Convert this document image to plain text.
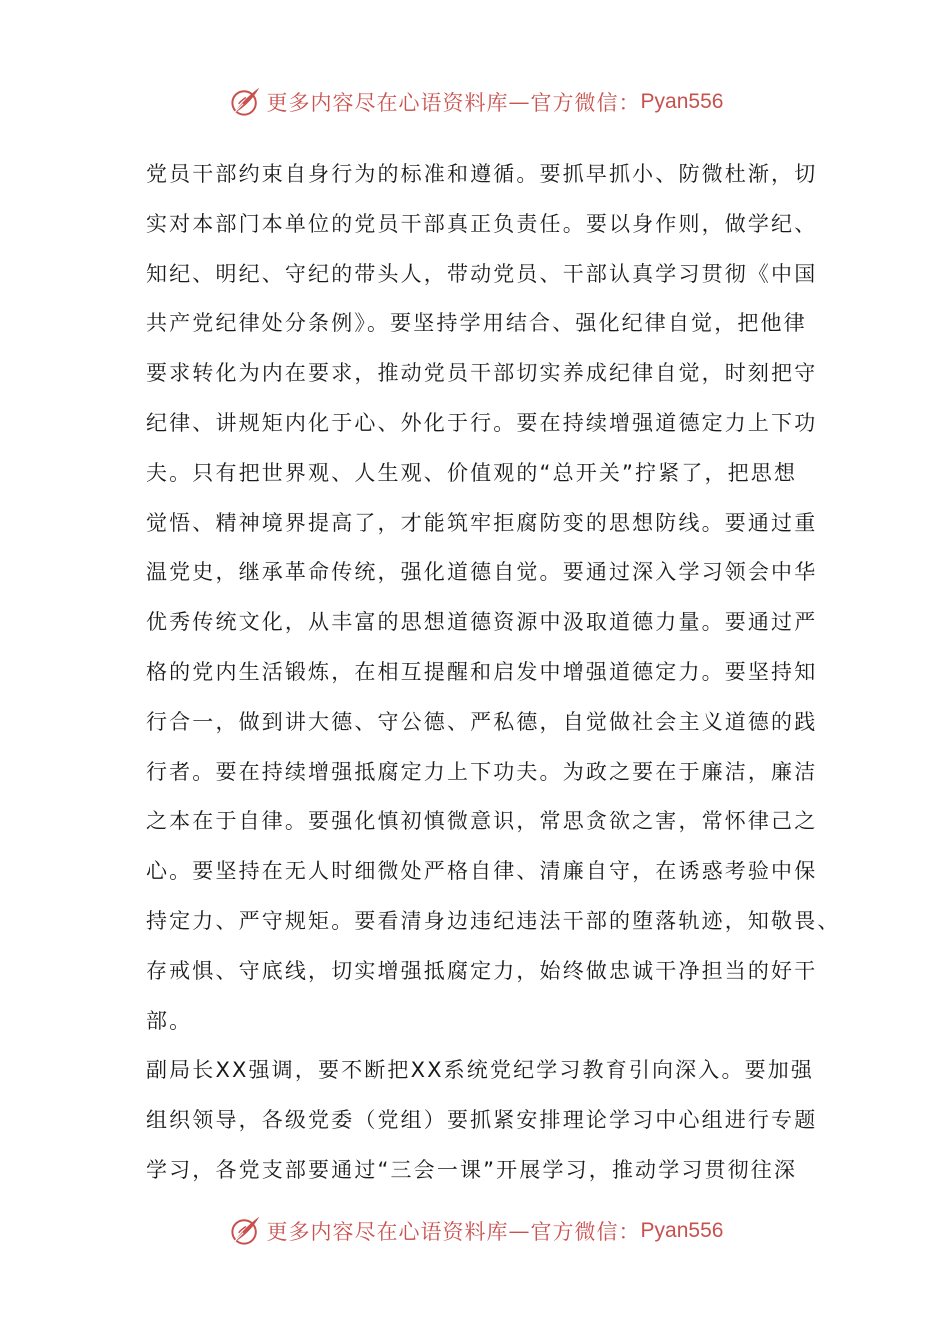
更多内容尽在心语资料库 — 官方微信： Pyan556
党员干部约束自身行为的标准和遵循。要抓早抓小、防微杜渐，切
实对本部门本单位的党员干部真正负责任。要以身作则，做学纪、
知纪、明纪、守纪的带头人，带动党员、干部认真学习贯彻《中国
共产党纪律处分条例》。要坚持学用结合、强化纪律自觉，把他律
要求转化为内在要求，推动党员干部切实养成纪律自觉，时刻把守
纪律、讲规矩内化于心、外化于行。要在持续增强道德定力上下功
夫。只有把世界观、人生观、价值观的“总开关”拧紧了，把思想
觉悟、精神境界提高了，才能筑牢拒腐防变的思想防线。要通过重
温党史，继承革命传统，强化道德自觉。要通过深入学习领会中华
优秀传统文化，从丰富的思想道德资源中汲取道德力量。要通过严
格的党内生活锻炼，在相互提醒和启发中增强道德定力。要坚持知
行合一，做到讲大德、守公德、严私德，自觉做社会主义道德的践
行者。要在持续增强抵腐定力上下功夫。为政之要在于廉洁，廉洁
之本在于自律。要强化慎初慎微意识，常思贪欲之害，常怀律己之
心。要坚持在无人时细微处严格自律、清廉自守，在诱惑考验中保
持定力、严守规矩。要看清身边违纪违法干部的堕落轨迹，知敬畏、
存戒惧、守底线，切实增强抵腐定力，始终做忠诚干净担当的好干
部。
副局长XX强调，要不断把XX系统党纪学习教育引向深入。要加强
组织领导，各级党委（党组）要抓紧安排理论学习中心组进行专题
学习，各党支部要通过“三会一课”开展学习，推动学习贯彻往深
更多内容尽在心语资料库 — 官方微信： Pyan556
